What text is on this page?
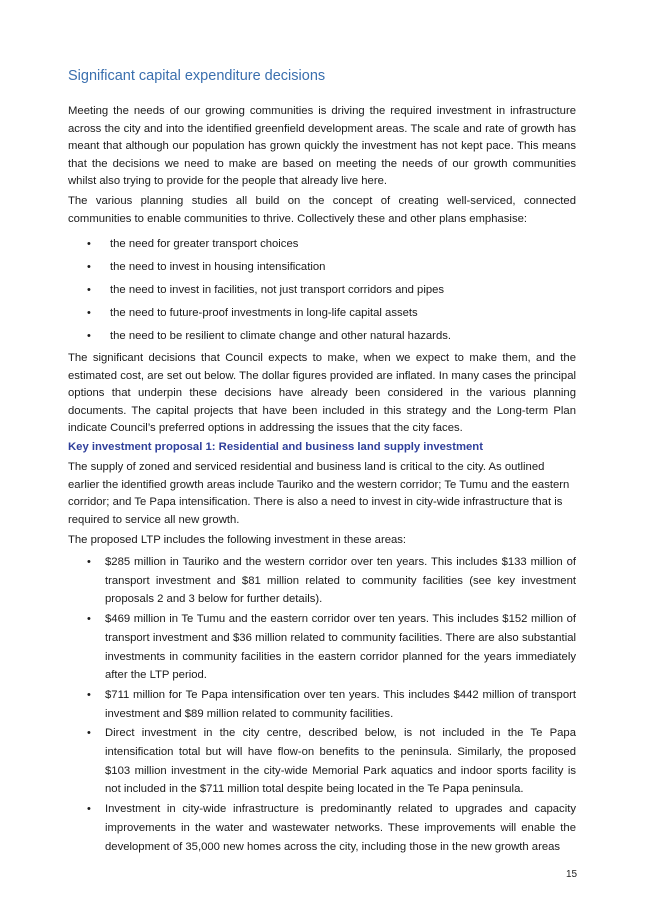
Significant capital expenditure decisions

Meeting the needs of our growing communities is driving the required investment in infrastructure across the city and into the identified greenfield development areas. The scale and rate of growth has meant that although our population has grown quickly the investment has not kept pace. This means that the decisions we need to make are based on meeting the needs of our growth communities whilst also trying to provide for the people that already live here.

The various planning studies all build on the concept of creating well-serviced, connected communities to enable communities to thrive. Collectively these and other plans emphasise:

• the need for greater transport choices
• the need to invest in housing intensification
• the need to invest in facilities, not just transport corridors and pipes
• the need to future-proof investments in long-life capital assets
• the need to be resilient to climate change and other natural hazards.

The significant decisions that Council expects to make, when we expect to make them, and the estimated cost, are set out below. The dollar figures provided are inflated. In many cases the principal options that underpin these decisions have already been considered in the various planning documents. The capital projects that have been included in this strategy and the Long-term Plan indicate Council’s preferred options in addressing the issues that the city faces.

Key investment proposal 1: Residential and business land supply investment

The supply of zoned and serviced residential and business land is critical to the city. As outlined earlier the identified growth areas include Tauriko and the western corridor; Te Tumu and the eastern corridor; and Te Papa intensification. There is also a need to invest in city-wide infrastructure that is required to service all new growth.

The proposed LTP includes the following investment in these areas:

• $285 million in Tauriko and the western corridor over ten years. This includes $133 million of transport investment and $81 million related to community facilities (see key investment proposals 2 and 3 below for further details).
• $469 million in Te Tumu and the eastern corridor over ten years. This includes $152 million of transport investment and $36 million related to community facilities. There are also substantial investments in community facilities in the eastern corridor planned for the years immediately after the LTP period.
• $711 million for Te Papa intensification over ten years. This includes $442 million of transport investment and $89 million related to community facilities.
• Direct investment in the city centre, described below, is not included in the Te Papa intensification total but will have flow-on benefits to the peninsula. Similarly, the proposed $103 million investment in the city-wide Memorial Park aquatics and indoor sports facility is not included in the $711 million total despite being located in the Te Papa peninsula.
• Investment in city-wide infrastructure is predominantly related to upgrades and capacity improvements in the water and wastewater networks. These improvements will enable the development of 35,000 new homes across the city, including those in the new growth areas
15
